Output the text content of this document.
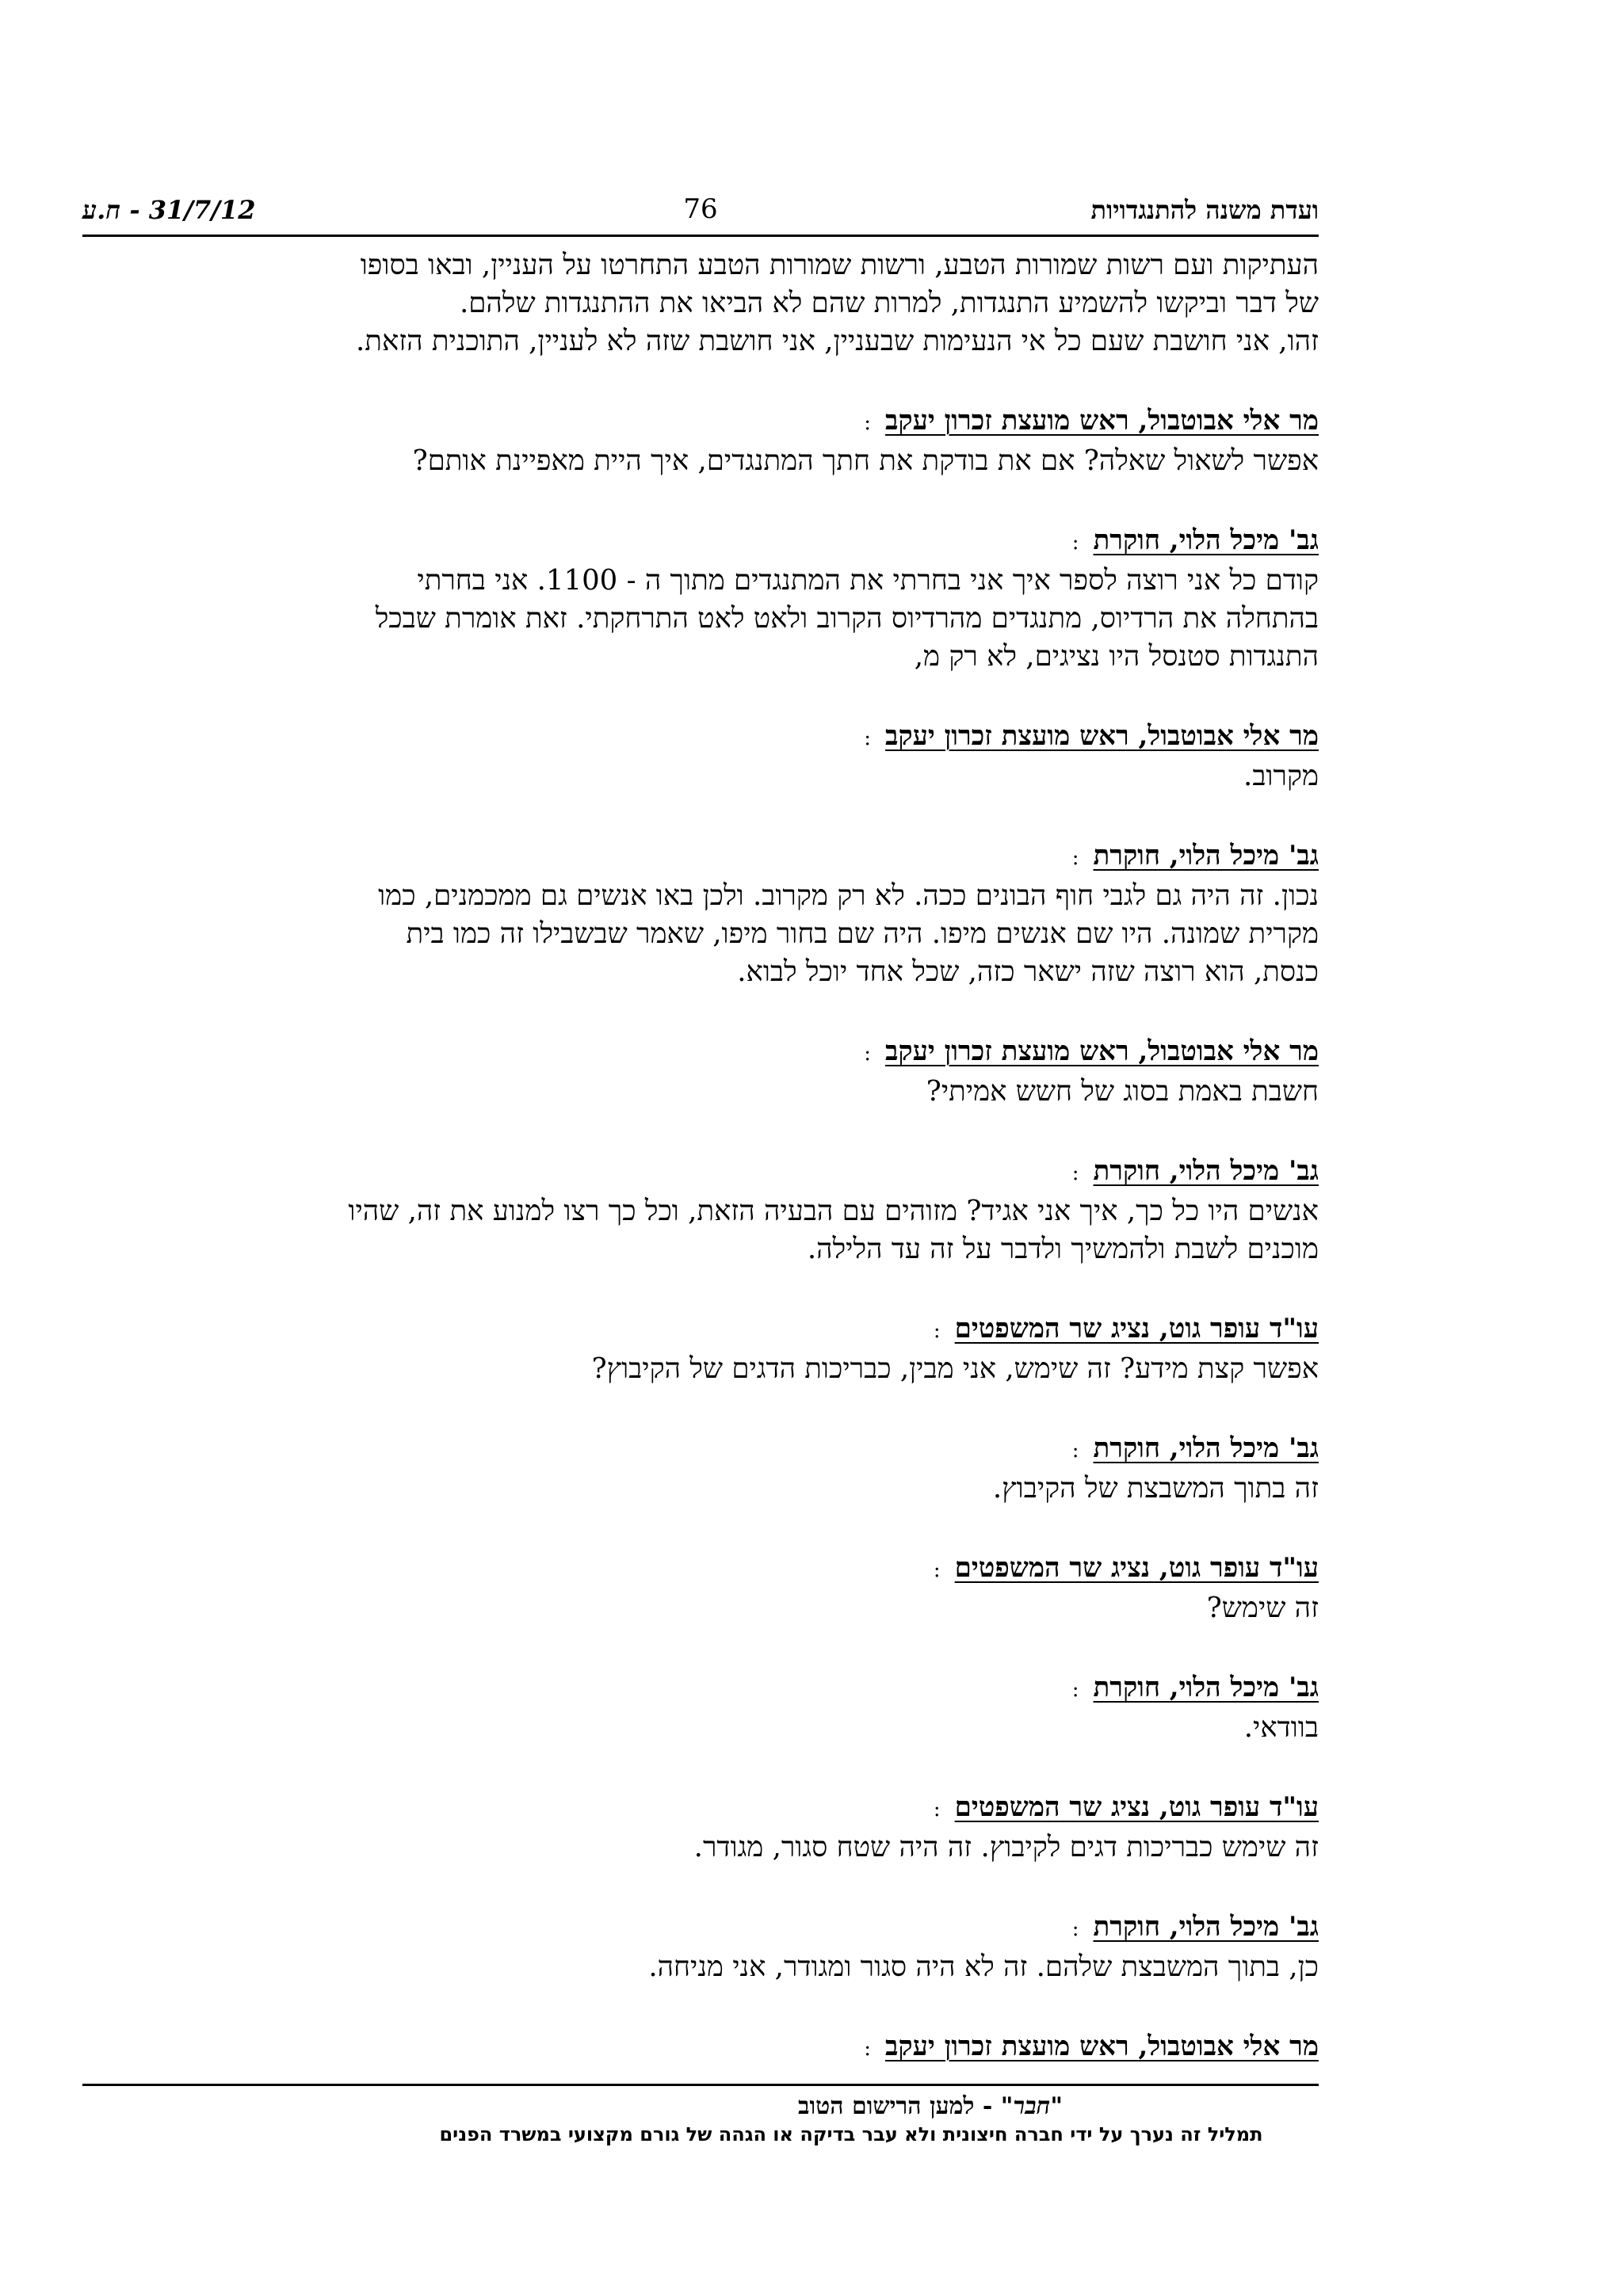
ועדת משנה להתנגדויות
76
31/7/12 - ח.ע

העתיקות ועם רשות שמורות הטבע, ורשות שמורות הטבע התחרטו על העניין, ובאו בסופו

של דבר וביקשו להשמיע התנגדות, למרות שהם לא הביאו את ההתנגדות שלהם.

זהו, אני חושבת שעם כל אי הנעימות שבעניין, אני חושבת שזה לא לעניין, התוכנית הזאת.

מר אלי אבוטבול, ראש מועצת זכרון יעקב:

אפשר לשאול שאלה? אם את בודקת את חתך המתנגדים, איך היית מאפיינת אותם?

גב' מיכל הלוי, חוקרת:

קודם כל אני רוצה לספר איך אני בחרתי את המתנגדים מתוך ה - 1100. אני בחרתי

בהתחלה את הרדיוס, מתנגדים מהרדיוס הקרוב ולאט לאט התרחקתי. זאת אומרת שבכל

התנגדות סטנסל היו נציגים, לא רק מ,

מר אלי אבוטבול, ראש מועצת זכרון יעקב:

מקרוב.

גב' מיכל הלוי, חוקרת:

נכון. זה היה גם לגבי חוף הבונים ככה. לא רק מקרוב. ולכן באו אנשים גם ממכמנים, כמו

מקרית שמונה. היו שם אנשים מיפו. היה שם בחור מיפו, שאמר שבשבילו זה כמו בית

כנסת, הוא רוצה שזה ישאר כזה, שכל אחד יוכל לבוא.

מר אלי אבוטבול, ראש מועצת זכרון יעקב:

חשבת באמת בסוג של חשש אמיתי?

גב' מיכל הלוי, חוקרת:

אנשים היו כל כך, איך אני אגיד? מזוהים עם הבעיה הזאת, וכל כך רצו למנוע את זה, שהיו

מוכנים לשבת ולהמשיך ולדבר על זה עד הלילה.

עו"ד עופר גוט, נציג שר המשפטים:

אפשר קצת מידע? זה שימש, אני מבין, כבריכות הדגים של הקיבוץ?

גב' מיכל הלוי, חוקרת:

זה בתוך המשבצת של הקיבוץ.

עו"ד עופר גוט, נציג שר המשפטים:

זה שימש?

גב' מיכל הלוי, חוקרת:

בוודאי.

עו"ד עופר גוט, נציג שר המשפטים:

זה שימש כבריכות דגים לקיבוץ. זה היה שטח סגור, מגודר.

גב' מיכל הלוי, חוקרת:

כן, בתוך המשבצת שלהם. זה לא היה סגור ומגודר, אני מניחה.

מר אלי אבוטבול, ראש מועצת זכרון יעקב:
"חבר" - למען הרישום הטוב
תמליל זה נערך על ידי חברה חיצונית ולא עבר בדיקה או הגהה של גורם מקצועי במשרד הפנים
